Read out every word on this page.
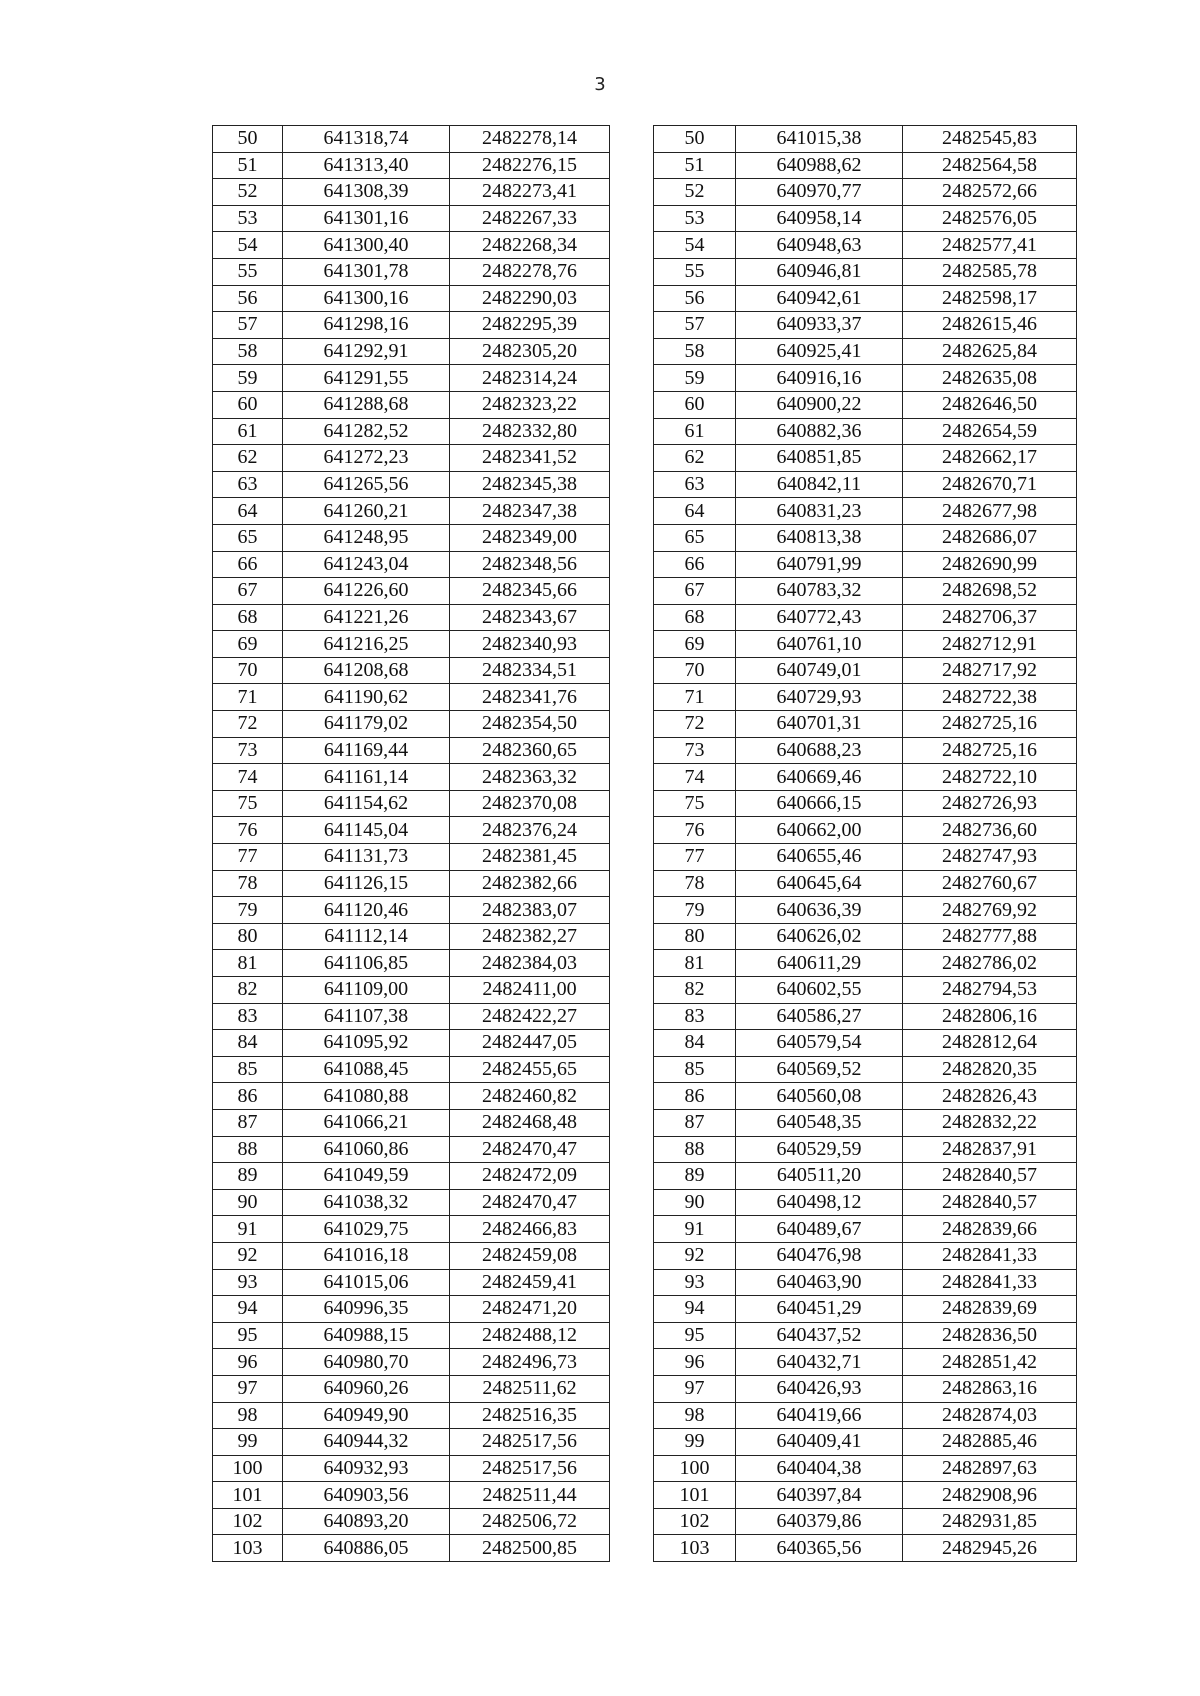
3
50	641318,74	2482278,14		50	641015,38	2482545,83
51	641313,40	2482276,15		51	640988,62	2482564,58
52	641308,39	2482273,41		52	640970,77	2482572,66
53	641301,16	2482267,33		53	640958,14	2482576,05
54	641300,40	2482268,34		54	640948,63	2482577,41
55	641301,78	2482278,76		55	640946,81	2482585,78
56	641300,16	2482290,03		56	640942,61	2482598,17
57	641298,16	2482295,39		57	640933,37	2482615,46
58	641292,91	2482305,20		58	640925,41	2482625,84
59	641291,55	2482314,24		59	640916,16	2482635,08
60	641288,68	2482323,22		60	640900,22	2482646,50
61	641282,52	2482332,80		61	640882,36	2482654,59
62	641272,23	2482341,52		62	640851,85	2482662,17
63	641265,56	2482345,38		63	640842,11	2482670,71
64	641260,21	2482347,38		64	640831,23	2482677,98
65	641248,95	2482349,00		65	640813,38	2482686,07
66	641243,04	2482348,56		66	640791,99	2482690,99
67	641226,60	2482345,66		67	640783,32	2482698,52
68	641221,26	2482343,67		68	640772,43	2482706,37
69	641216,25	2482340,93		69	640761,10	2482712,91
70	641208,68	2482334,51		70	640749,01	2482717,92
71	641190,62	2482341,76		71	640729,93	2482722,38
72	641179,02	2482354,50		72	640701,31	2482725,16
73	641169,44	2482360,65		73	640688,23	2482725,16
74	641161,14	2482363,32		74	640669,46	2482722,10
75	641154,62	2482370,08		75	640666,15	2482726,93
76	641145,04	2482376,24		76	640662,00	2482736,60
77	641131,73	2482381,45		77	640655,46	2482747,93
78	641126,15	2482382,66		78	640645,64	2482760,67
79	641120,46	2482383,07		79	640636,39	2482769,92
80	641112,14	2482382,27		80	640626,02	2482777,88
81	641106,85	2482384,03		81	640611,29	2482786,02
82	641109,00	2482411,00		82	640602,55	2482794,53
83	641107,38	2482422,27		83	640586,27	2482806,16
84	641095,92	2482447,05		84	640579,54	2482812,64
85	641088,45	2482455,65		85	640569,52	2482820,35
86	641080,88	2482460,82		86	640560,08	2482826,43
87	641066,21	2482468,48		87	640548,35	2482832,22
88	641060,86	2482470,47		88	640529,59	2482837,91
89	641049,59	2482472,09		89	640511,20	2482840,57
90	641038,32	2482470,47		90	640498,12	2482840,57
91	641029,75	2482466,83		91	640489,67	2482839,66
92	641016,18	2482459,08		92	640476,98	2482841,33
93	641015,06	2482459,41		93	640463,90	2482841,33
94	640996,35	2482471,20		94	640451,29	2482839,69
95	640988,15	2482488,12		95	640437,52	2482836,50
96	640980,70	2482496,73		96	640432,71	2482851,42
97	640960,26	2482511,62		97	640426,93	2482863,16
98	640949,90	2482516,35		98	640419,66	2482874,03
99	640944,32	2482517,56		99	640409,41	2482885,46
100	640932,93	2482517,56		100	640404,38	2482897,63
101	640903,56	2482511,44		101	640397,84	2482908,96
102	640893,20	2482506,72		102	640379,86	2482931,85
103	640886,05	2482500,85		103	640365,56	2482945,26
